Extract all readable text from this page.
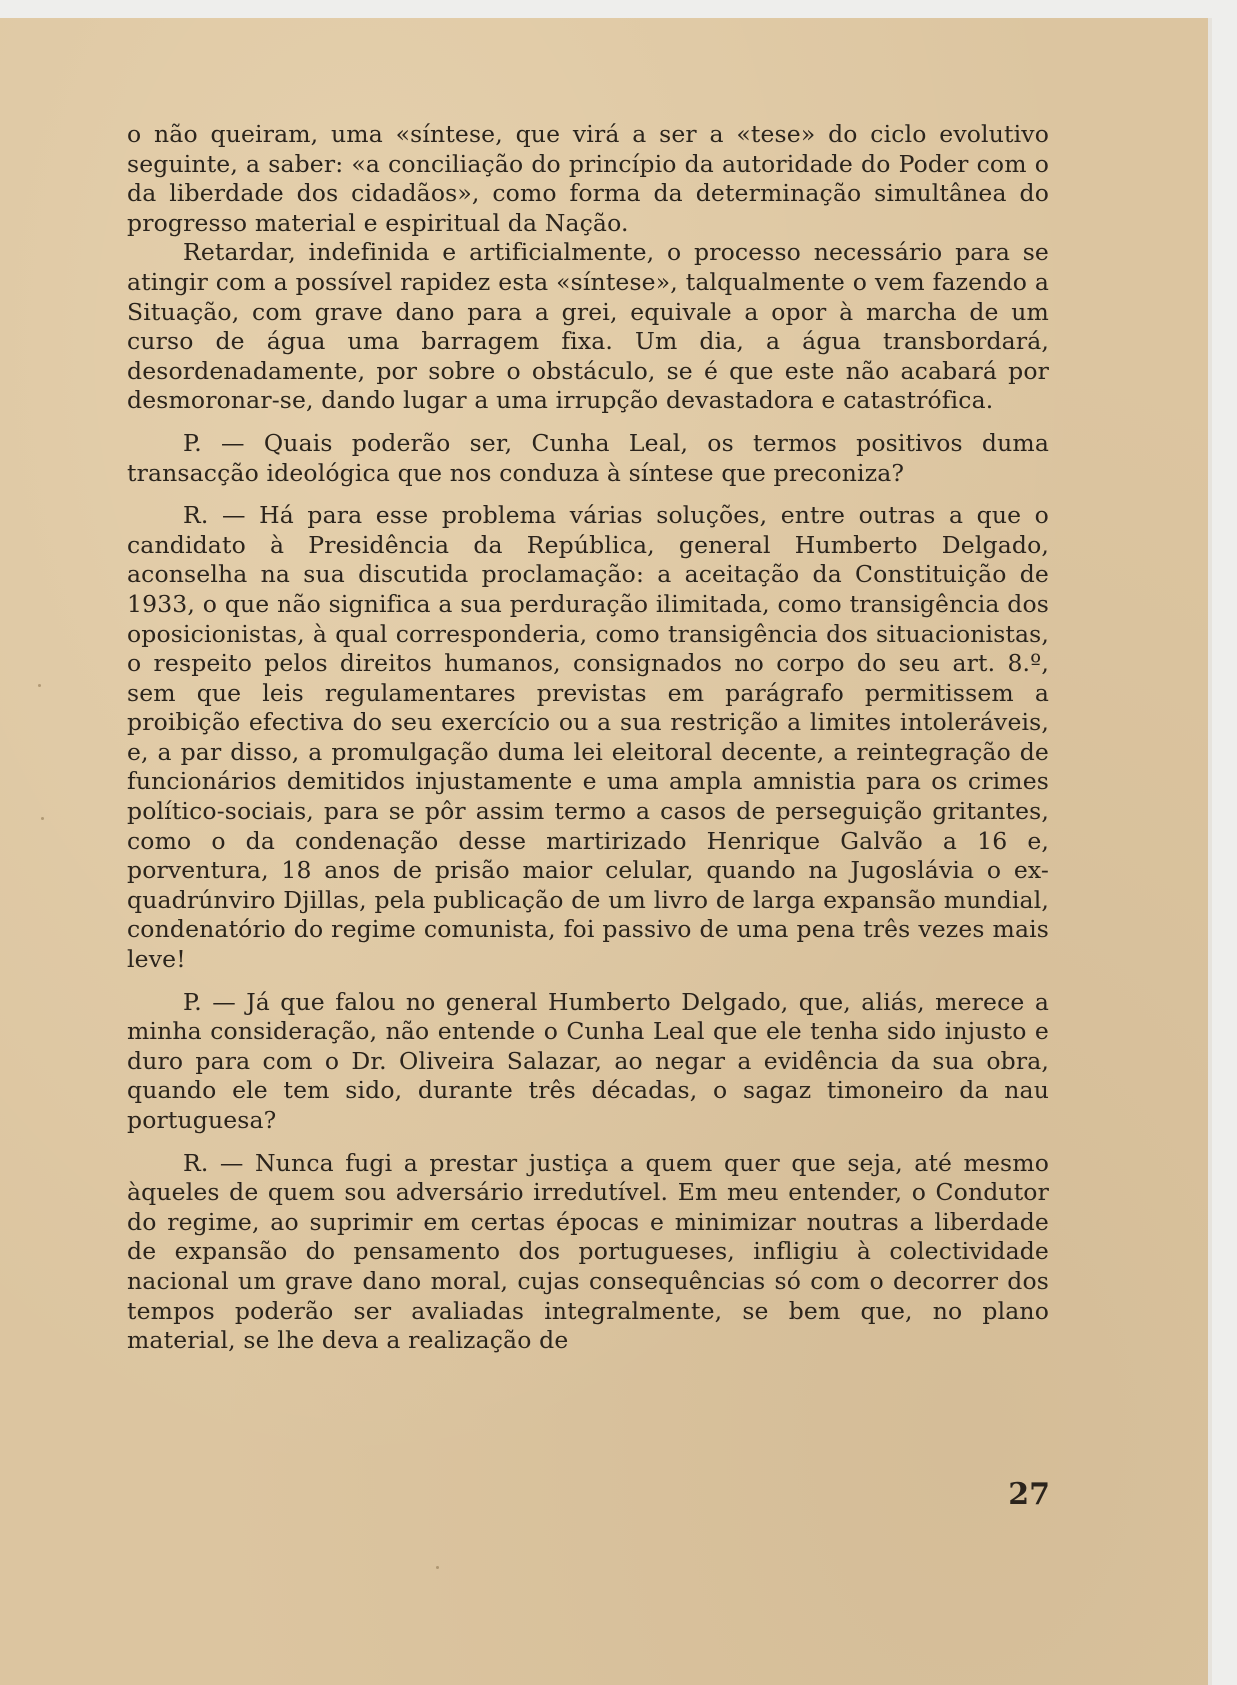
o não queiram, uma «síntese, que virá a ser a «tese» do ciclo evolutivo seguinte, a saber: «a conciliação do princípio da autoridade do Poder com o da liberdade dos cidadãos», como forma da determinação simultânea do progresso material e espiritual da Nação.

Retardar, indefinida e artificialmente, o processo necessário para se atingir com a possível rapidez esta «síntese», talqualmente o vem fazendo a Situação, com grave dano para a grei, equivale a opor à marcha de um curso de água uma barragem fixa. Um dia, a água transbordará, desordenadamente, por sobre o obstáculo, se é que este não acabará por desmoronar-se, dando lugar a uma irrupção devastadora e catastrófica.

P. — Quais poderão ser, Cunha Leal, os termos positivos duma transacção ideológica que nos conduza à síntese que preconiza?

R. — Há para esse problema várias soluções, entre outras a que o candidato à Presidência da República, general Humberto Delgado, aconselha na sua discutida proclamação: a aceitação da Constituição de 1933, o que não significa a sua perduração ilimitada, como transigência dos oposicionistas, à qual corresponderia, como transigência dos situacionistas, o respeito pelos direitos humanos, consignados no corpo do seu art. 8.º, sem que leis regulamentares previstas em parágrafo permitissem a proibição efectiva do seu exercício ou a sua restrição a limites intoleráveis, e, a par disso, a promulgação duma lei eleitoral decente, a reintegração de funcionários demitidos injustamente e uma ampla amnistia para os crimes político-sociais, para se pôr assim termo a casos de perseguição gritantes, como o da condenação desse martirizado Henrique Galvão a 16 e, porventura, 18 anos de prisão maior celular, quando na Jugoslávia o ex-quadrúnviro Djillas, pela publicação de um livro de larga expansão mundial, condenatório do regime comunista, foi passivo de uma pena três vezes mais leve!

P. — Já que falou no general Humberto Delgado, que, aliás, merece a minha consideração, não entende o Cunha Leal que ele tenha sido injusto e duro para com o Dr. Oliveira Salazar, ao negar a evidência da sua obra, quando ele tem sido, durante três décadas, o sagaz timoneiro da nau portuguesa?

R. — Nunca fugi a prestar justiça a quem quer que seja, até mesmo àqueles de quem sou adversário irredutível. Em meu entender, o Condutor do regime, ao suprimir em certas épocas e minimizar noutras a liberdade de expansão do pensamento dos portugueses, infligiu à colectividade nacional um grave dano moral, cujas consequências só com o decorrer dos tempos poderão ser avaliadas integralmente, se bem que, no plano material, se lhe deva a realização de

27
